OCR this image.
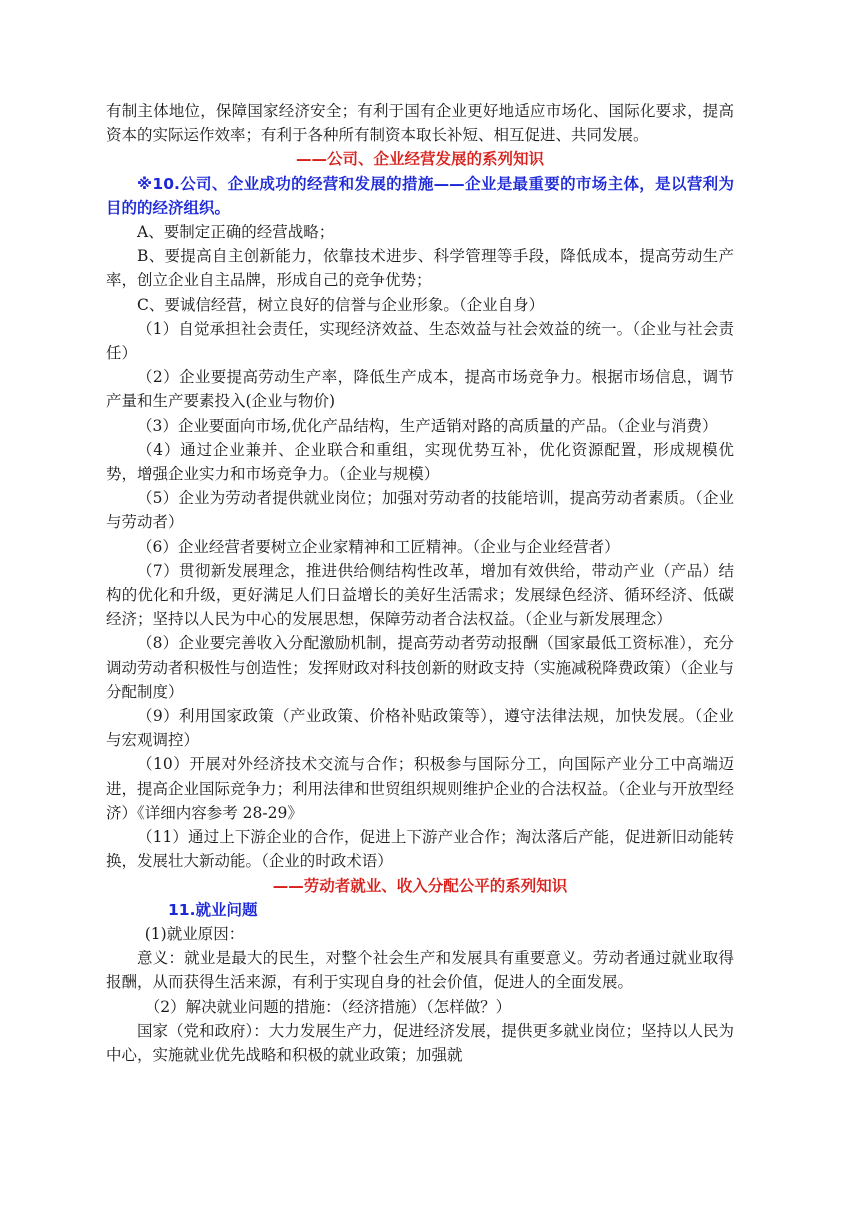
有制主体地位，保障国家经济安全；有利于国有企业更好地适应市场化、国际化要求，提高资本的实际运作效率；有利于各种所有制资本取长补短、相互促进、共同发展。

——公司、企业经营发展的系列知识

※10.公司、企业成功的经营和发展的措施——企业是最重要的市场主体，是以营利为目的的经济组织。

A、要制定正确的经营战略；

B、要提高自主创新能力，依靠技术进步、科学管理等手段，降低成本，提高劳动生产率，创立企业自主品牌，形成自己的竞争优势；

C、要诚信经营，树立良好的信誉与企业形象。（企业自身）

（1）自觉承担社会责任，实现经济效益、生态效益与社会效益的统一。（企业与社会责任）

（2）企业要提高劳动生产率，降低生产成本，提高市场竞争力。根据市场信息，调节产量和生产要素投入(企业与物价)

（3）企业要面向市场,优化产品结构，生产适销对路的高质量的产品。（企业与消费）

（4）通过企业兼并、企业联合和重组，实现优势互补，优化资源配置，形成规模优势，增强企业实力和市场竞争力。（企业与规模）

（5）企业为劳动者提供就业岗位；加强对劳动者的技能培训，提高劳动者素质。（企业与劳动者）

（6）企业经营者要树立企业家精神和工匠精神。（企业与企业经营者）

（7）贯彻新发展理念，推进供给侧结构性改革，增加有效供给，带动产业（产品）结构的优化和升级，更好满足人们日益增长的美好生活需求；发展绿色经济、循环经济、低碳经济；坚持以人民为中心的发展思想，保障劳动者合法权益。（企业与新发展理念）

（8）企业要完善收入分配激励机制，提高劳动者劳动报酬（国家最低工资标准），充分调动劳动者积极性与创造性；发挥财政对科技创新的财政支持（实施减税降费政策）（企业与分配制度）

（9）利用国家政策（产业政策、价格补贴政策等），遵守法律法规，加快发展。（企业与宏观调控）

（10）开展对外经济技术交流与合作；积极参与国际分工，向国际产业分工中高端迈进，提高企业国际竞争力；利用法律和世贸组织规则维护企业的合法权益。（企业与开放型经济）《详细内容参考 28-29》

（11）通过上下游企业的合作，促进上下游产业合作；淘汰落后产能，促进新旧动能转换，发展壮大新动能。（企业的时政术语）

——劳动者就业、收入分配公平的系列知识

11.就业问题

(1)就业原因：

意义：就业是最大的民生，对整个社会生产和发展具有重要意义。劳动者通过就业取得报酬，从而获得生活来源，有利于实现自身的社会价值，促进人的全面发展。

（2）解决就业问题的措施：（经济措施）（怎样做？）

国家（党和政府）：大力发展生产力，促进经济发展，提供更多就业岗位；坚持以人民为中心，实施就业优先战略和积极的就业政策；加强就
